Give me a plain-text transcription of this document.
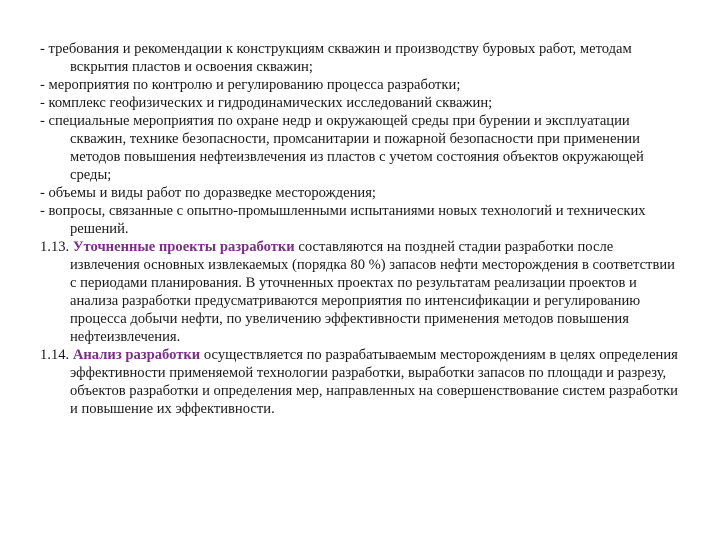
- требования и рекомендации к конструкциям скважин и производству буровых работ, методам вскрытия пластов и освоения скважин;

- мероприятия по контролю и регулированию процесса разработки;

- комплекс геофизических и гидродинамических исследований скважин;

- специальные мероприятия по охране недр и окружающей среды при бурении и эксплуатации скважин, технике безопасности, промсанитарии и пожарной безопасности при применении методов повышения нефтеизвлечения из пластов с учетом состояния объектов окружающей среды;

- объемы и виды работ по доразведке месторождения;

- вопросы, связанные с опытно-промышленными испытаниями новых технологий и технических решений.

1.13. Уточненные проекты разработки составляются на поздней стадии разработки после извлечения основных извлекаемых (порядка 80 %) запасов нефти месторождения в соответствии с периодами планирования. В уточненных проектах по результатам реализации проектов и анализа разработки предусматриваются мероприятия по интенсификации и регулированию процесса добычи нефти, по увеличению эффективности применения методов повышения нефтеизвлечения.

1.14. Анализ разработки осуществляется по разрабатываемым месторождениям в целях определения эффективности применяемой технологии разработки, выработки запасов по площади и разрезу, объектов разработки и определения мер, направленных на совершенствование систем разработки и повышение их эффективности.
